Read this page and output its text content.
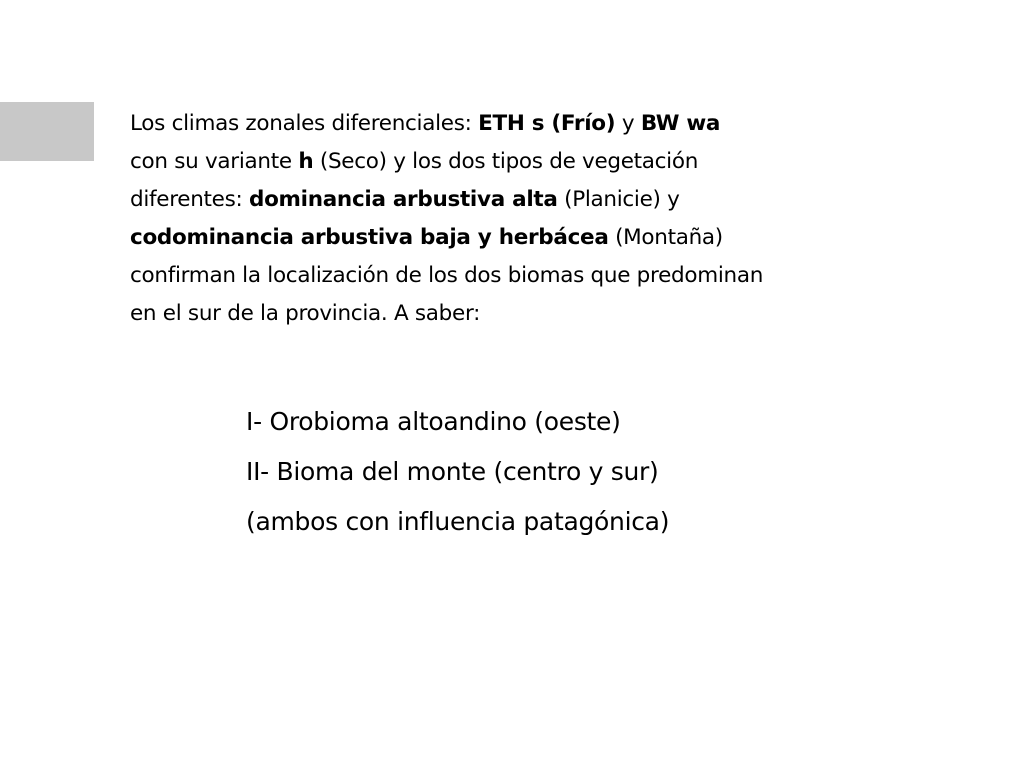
Los climas zonales diferenciales: ETH s (Frío) y BW wa
con su variante h (Seco) y los dos tipos de vegetación
diferentes: dominancia arbustiva alta (Planicie) y
codominancia arbustiva baja y herbácea (Montaña)
confirman la localización de los dos biomas que predominan
en el sur de la provincia. A saber:

I- Orobioma altoandino (oeste)
II- Bioma del monte (centro y sur)
(ambos con influencia patagónica)
